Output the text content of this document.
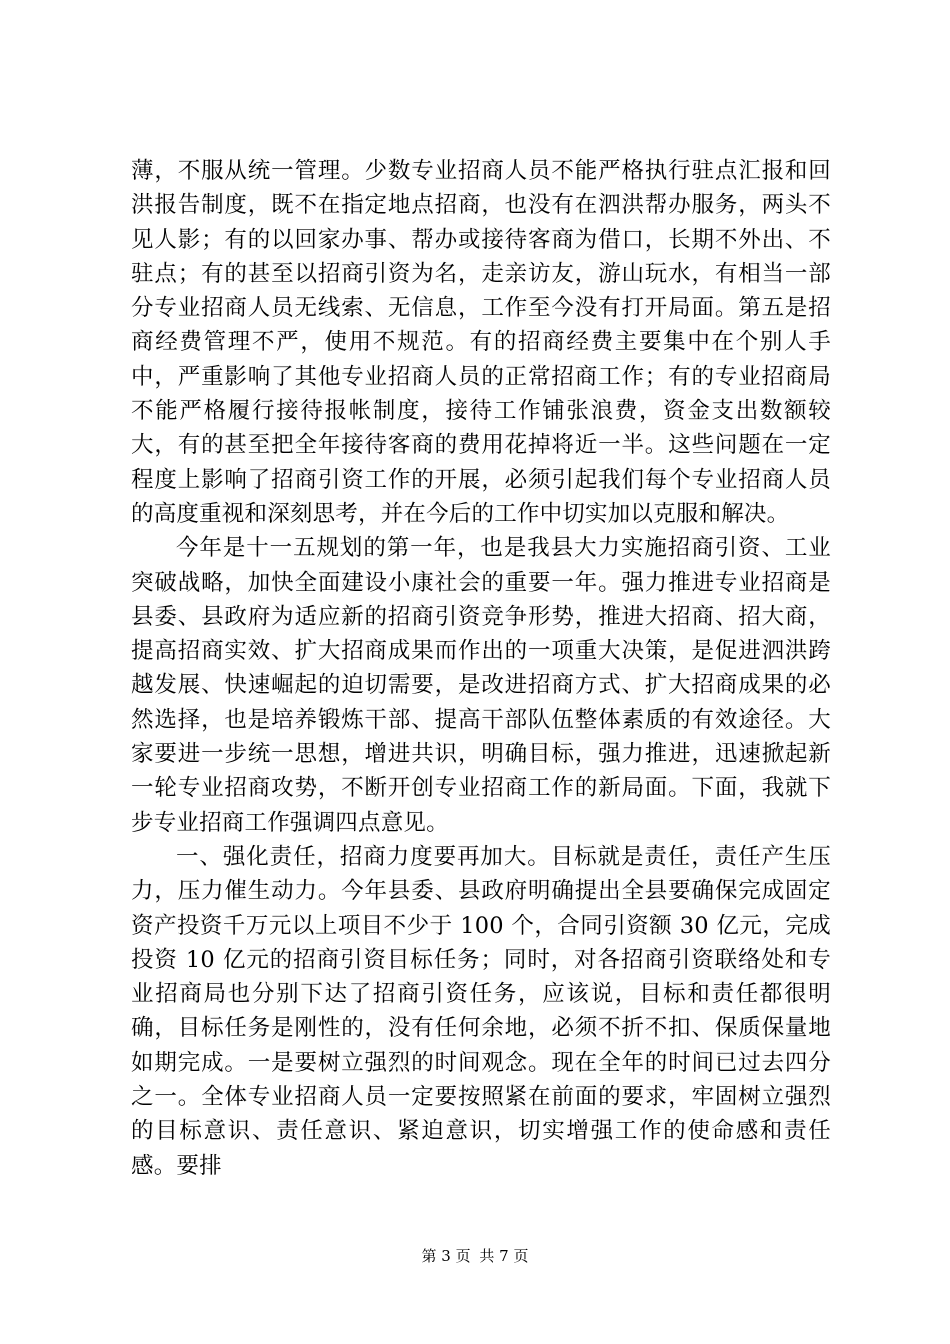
薄，不服从统一管理。少数专业招商人员不能严格执行驻点汇报和回洪报告制度，既不在指定地点招商，也没有在泗洪帮办服务，两头不见人影；有的以回家办事、帮办或接待客商为借口，长期不外出、不驻点；有的甚至以招商引资为名，走亲访友，游山玩水，有相当一部分专业招商人员无线索、无信息，工作至今没有打开局面。第五是招商经费管理不严，使用不规范。有的招商经费主要集中在个别人手中，严重影响了其他专业招商人员的正常招商工作；有的专业招商局不能严格履行接待报帐制度，接待工作铺张浪费，资金支出数额较大，有的甚至把全年接待客商的费用花掉将近一半。这些问题在一定程度上影响了招商引资工作的开展，必须引起我们每个专业招商人员的高度重视和深刻思考，并在今后的工作中切实加以克服和解决。

今年是十一五规划的第一年，也是我县大力实施招商引资、工业突破战略，加快全面建设小康社会的重要一年。强力推进专业招商是县委、县政府为适应新的招商引资竞争形势，推进大招商、招大商，提高招商实效、扩大招商成果而作出的一项重大决策，是促进泗洪跨越发展、快速崛起的迫切需要，是改进招商方式、扩大招商成果的必然选择，也是培养锻炼干部、提高干部队伍整体素质的有效途径。大家要进一步统一思想，增进共识，明确目标，强力推进，迅速掀起新一轮专业招商攻势，不断开创专业招商工作的新局面。下面，我就下步专业招商工作强调四点意见。

一、强化责任，招商力度要再加大。目标就是责任，责任产生压力，压力催生动力。今年县委、县政府明确提出全县要确保完成固定资产投资千万元以上项目不少于 100 个，合同引资额 30 亿元，完成投资 10 亿元的招商引资目标任务；同时，对各招商引资联络处和专业招商局也分别下达了招商引资任务，应该说，目标和责任都很明确，目标任务是刚性的，没有任何余地，必须不折不扣、保质保量地如期完成。一是要树立强烈的时间观念。现在全年的时间已过去四分之一。全体专业招商人员一定要按照紧在前面的要求，牢固树立强烈的目标意识、责任意识、紧迫意识，切实增强工作的使命感和责任感。要排

第 3 页 共 7 页
